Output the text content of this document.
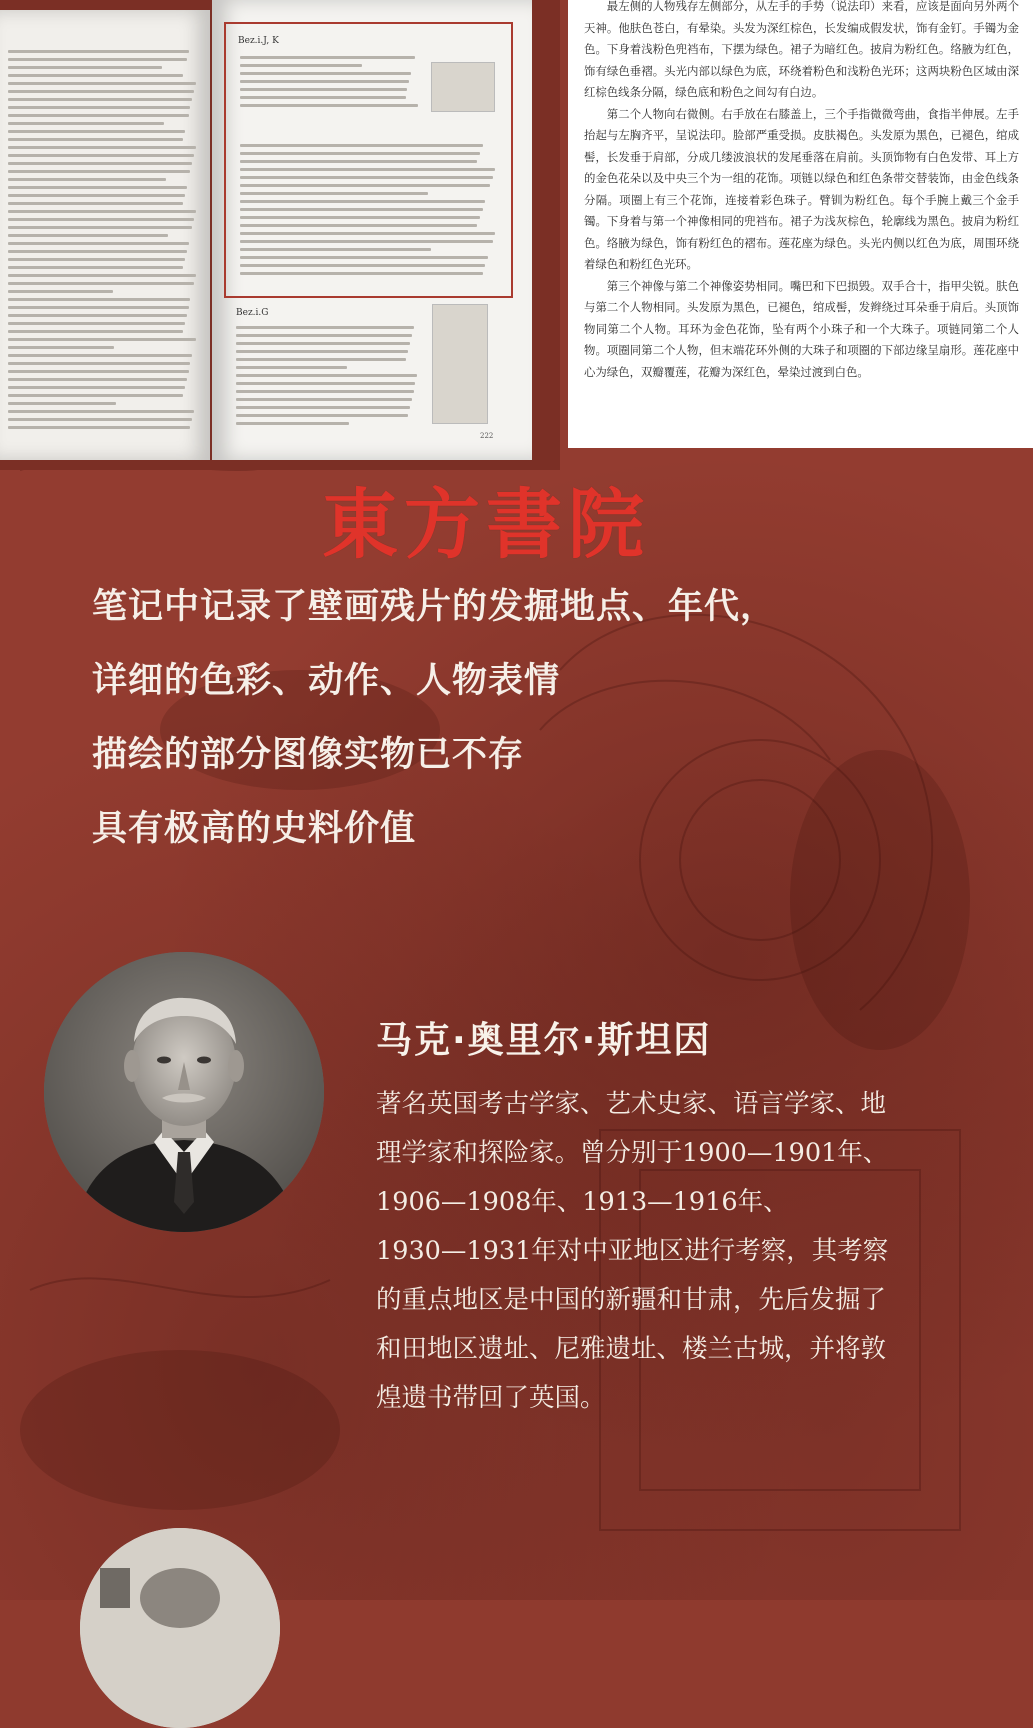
Bez.i.J, K
Bez.i.G
222

最左侧的人物残存左侧部分，从左手的手势（说法印）来看，应该是面向另外两个天神。他肤色苍白，有晕染。头发为深红棕色，长发编成假发状，饰有金钉。手镯为金色。下身着浅粉色兜裆布，下摆为绿色。裙子为暗红色。披肩为粉红色。络腋为红色，饰有绿色垂褶。头光内部以绿色为底，环绕着粉色和浅粉色光环；这两块粉色区域由深红棕色线条分隔，绿色底和粉色之间勾有白边。

第二个人物向右微侧。右手放在右膝盖上，三个手指微微弯曲，食指半伸展。左手抬起与左胸齐平，呈说法印。脸部严重受损。皮肤褐色。头发原为黑色，已褪色，绾成髻，长发垂于肩部，分成几缕波浪状的发尾垂落在肩前。头顶饰物有白色发带、耳上方的金色花朵以及中央三个为一组的花饰。项链以绿色和红色条带交替装饰，由金色线条分隔。项圈上有三个花饰，连接着彩色珠子。臂钏为粉红色。每个手腕上戴三个金手镯。下身着与第一个神像相同的兜裆布。裙子为浅灰棕色，轮廓线为黑色。披肩为粉红色。络腋为绿色，饰有粉红色的褶布。莲花座为绿色。头光内侧以红色为底，周围环绕着绿色和粉红色光环。

第三个神像与第二个神像姿势相同。嘴巴和下巴损毁。双手合十，指甲尖锐。肤色与第二个人物相同。头发原为黑色，已褪色，绾成髻，发辫绕过耳朵垂于肩后。头顶饰物同第二个人物。耳环为金色花饰，坠有两个小珠子和一个大珠子。项链同第二个人物。项圈同第二个人物，但末端花环外侧的大珠子和项圈的下部边缘呈扇形。莲花座中心为绿色，双瓣覆莲，花瓣为深红色，晕染过渡到白色。

東方書院
笔记中记录了壁画残片的发掘地点、年代，
详细的色彩、动作、人物表情
描绘的部分图像实物已不存
具有极高的史料价值
马克·奥里尔·斯坦因
著名英国考古学家、艺术史家、语言学家、地
理学家和探险家。曾分别于1900—1901年、
1906—1908年、1913—1916年、
1930—1931年对中亚地区进行考察，其考察
的重点地区是中国的新疆和甘肃，先后发掘了
和田地区遗址、尼雅遗址、楼兰古城，并将敦
煌遗书带回了英国。
